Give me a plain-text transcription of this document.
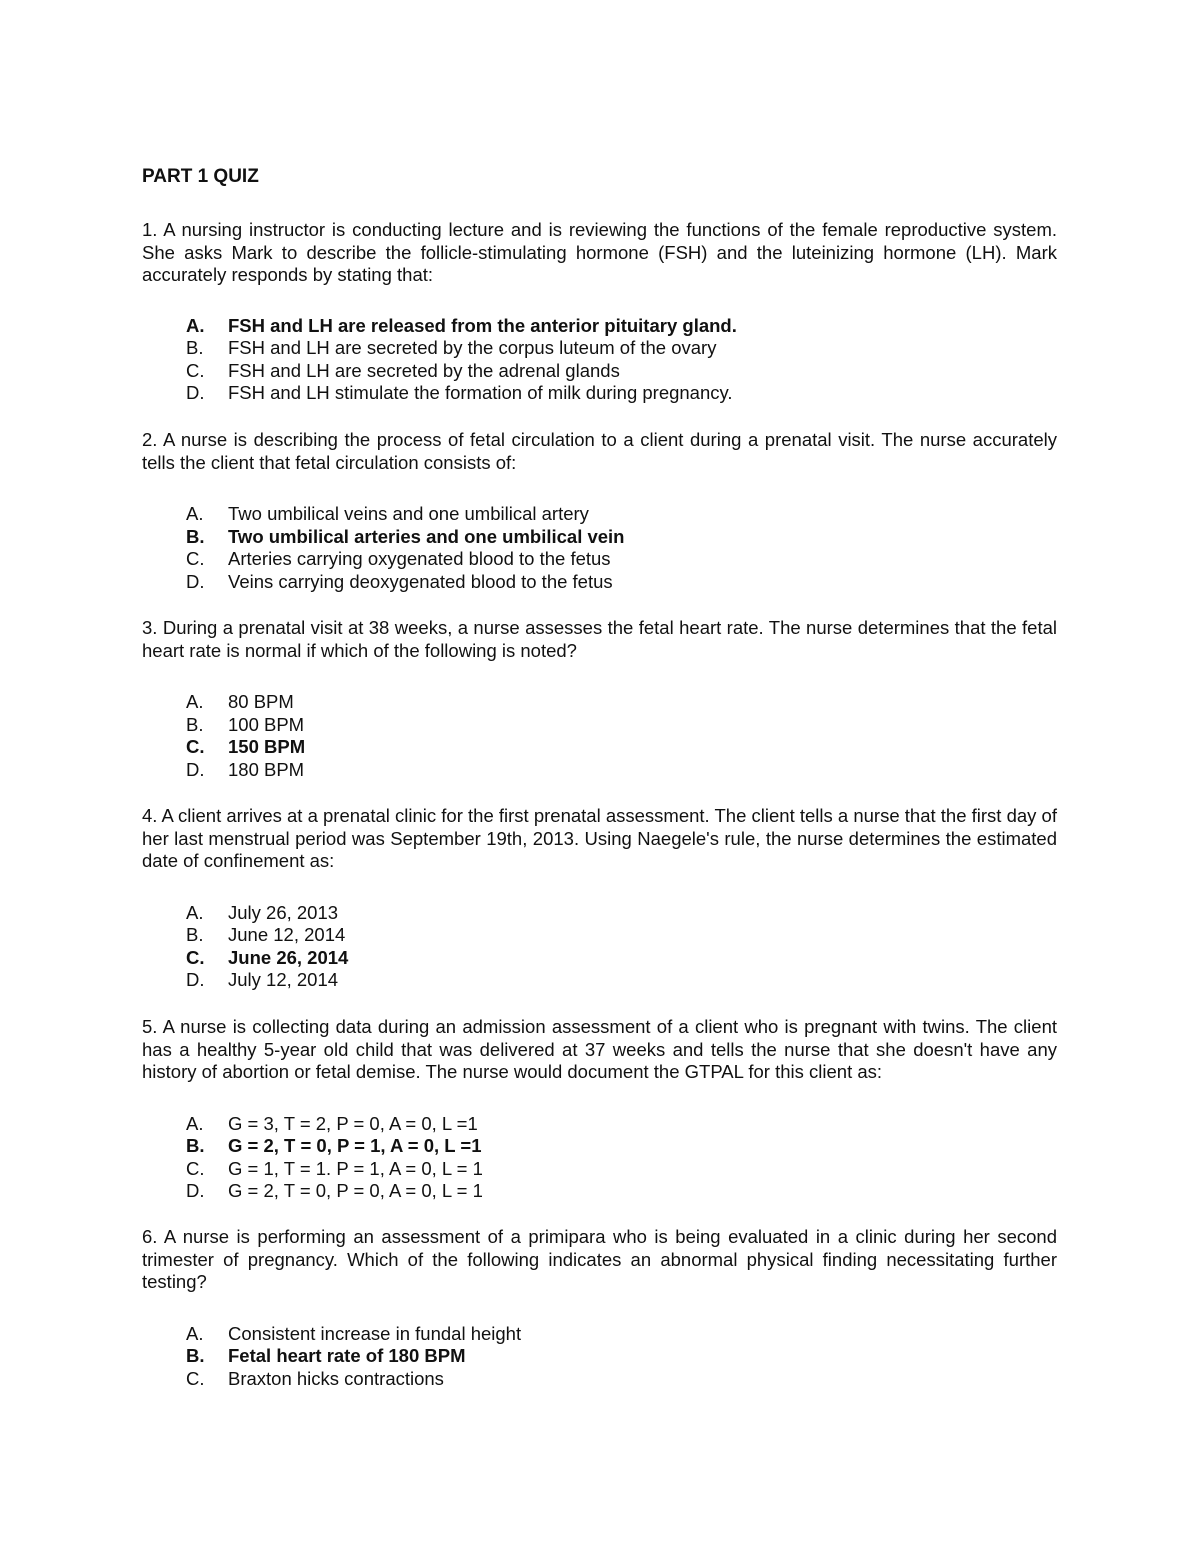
PART 1 QUIZ

1. A nursing instructor is conducting lecture and is reviewing the functions of the female reproductive system. She asks Mark to describe the follicle-stimulating hormone (FSH) and the luteinizing hormone (LH). Mark accurately responds by stating that:

A.	FSH and LH are released from the anterior pituitary gland.
B.	FSH and LH are secreted by the corpus luteum of the ovary
C.	FSH and LH are secreted by the adrenal glands
D.	FSH and LH stimulate the formation of milk during pregnancy.

2. A nurse is describing the process of fetal circulation to a client during a prenatal visit. The nurse accurately tells the client that fetal circulation consists of:

A.	Two umbilical veins and one umbilical artery
B.	Two umbilical arteries and one umbilical vein
C.	Arteries carrying oxygenated blood to the fetus
D.	Veins carrying deoxygenated blood to the fetus

3. During a prenatal visit at 38 weeks, a nurse assesses the fetal heart rate. The nurse determines that the fetal heart rate is normal if which of the following is noted?

A.	80 BPM
B.	100 BPM
C.	150 BPM
D.	180 BPM

4. A client arrives at a prenatal clinic for the first prenatal assessment. The client tells a nurse that the first day of her last menstrual period was September 19th, 2013. Using Naegele's rule, the nurse determines the estimated date of confinement as:

A.	July 26, 2013
B.	June 12, 2014
C.	June 26, 2014
D.	July 12, 2014

5. A nurse is collecting data during an admission assessment of a client who is pregnant with twins. The client has a healthy 5-year old child that was delivered at 37 weeks and tells the nurse that she doesn't have any history of abortion or fetal demise. The nurse would document the GTPAL for this client as:

A.	G = 3, T = 2, P = 0, A = 0, L =1
B.	G = 2, T = 0, P = 1, A = 0, L =1
C.	G = 1, T = 1. P = 1, A = 0, L = 1
D.	G = 2, T = 0, P = 0, A = 0, L = 1

6. A nurse is performing an assessment of a primipara who is being evaluated in a clinic during her second trimester of pregnancy. Which of the following indicates an abnormal physical finding necessitating further testing?

A.	Consistent increase in fundal height
B.	Fetal heart rate of 180 BPM
C.	Braxton hicks contractions
